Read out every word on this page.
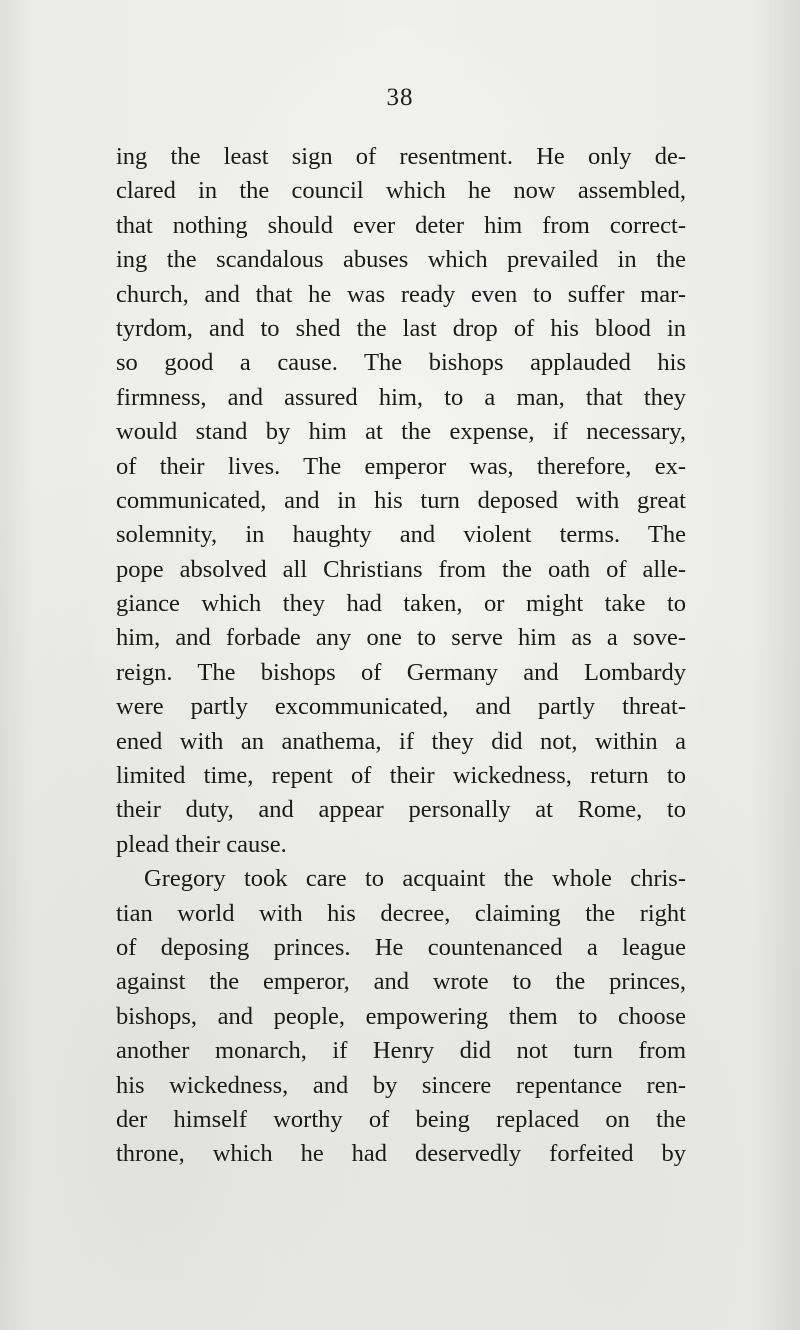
38
ing the least sign of resentment. He only de-
clared in the council which he now assembled,
that nothing should ever deter him from correct-
ing the scandalous abuses which prevailed in the
church, and that he was ready even to suffer mar-
tyrdom, and to shed the last drop of his blood in
so good a cause. The bishops applauded his
firmness, and assured him, to a man, that they
would stand by him at the expense, if necessary,
of their lives. The emperor was, therefore, ex-
communicated, and in his turn deposed with great
solemnity, in haughty and violent terms. The
pope absolved all Christians from the oath of alle-
giance which they had taken, or might take to
him, and forbade any one to serve him as a sove-
reign. The bishops of Germany and Lombardy
were partly excommunicated, and partly threat-
ened with an anathema, if they did not, within a
limited time, repent of their wickedness, return to
their duty, and appear personally at Rome, to
plead their cause.
Gregory took care to acquaint the whole chris-
tian world with his decree, claiming the right
of deposing princes. He countenanced a league
against the emperor, and wrote to the princes,
bishops, and people, empowering them to choose
another monarch, if Henry did not turn from
his wickedness, and by sincere repentance ren-
der himself worthy of being replaced on the
throne, which he had deservedly forfeited by
